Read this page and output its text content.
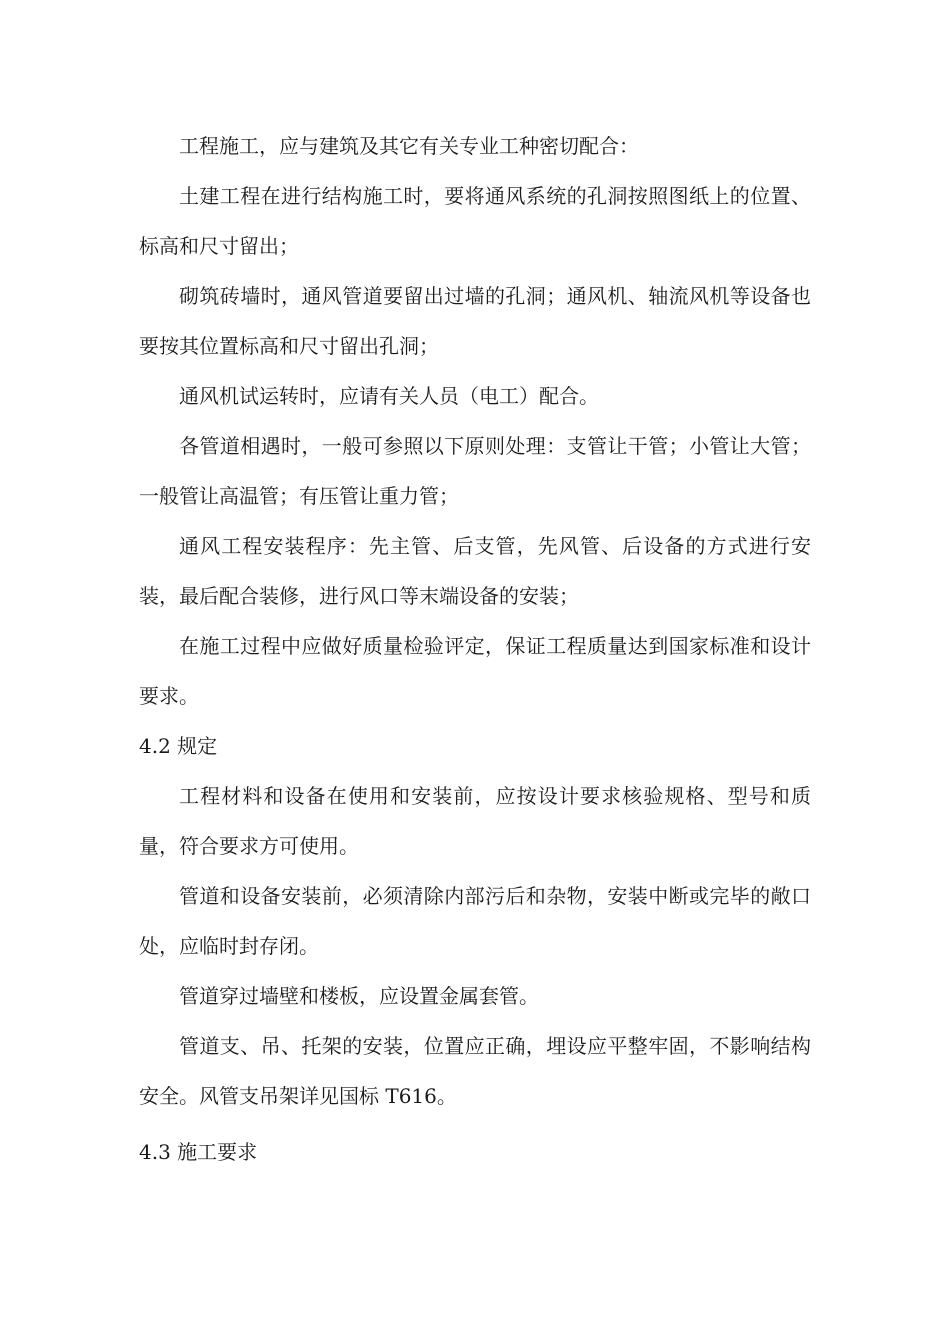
工程施工，应与建筑及其它有关专业工种密切配合：

土建工程在进行结构施工时，要将通风系统的孔洞按照图纸上的位置、标高和尺寸留出；

砌筑砖墙时，通风管道要留出过墙的孔洞；通风机、轴流风机等设备也要按其位置标高和尺寸留出孔洞；

通风机试运转时，应请有关人员（电工）配合。

各管道相遇时，一般可参照以下原则处理：支管让干管；小管让大管；一般管让高温管；有压管让重力管；

通风工程安装程序：先主管、后支管，先风管、后设备的方式进行安装，最后配合装修，进行风口等末端设备的安装；

在施工过程中应做好质量检验评定，保证工程质量达到国家标准和设计要求。

4.2 规定

工程材料和设备在使用和安装前，应按设计要求核验规格、型号和质量，符合要求方可使用。

管道和设备安装前，必须清除内部污后和杂物，安装中断或完毕的敞口处，应临时封存闭。

管道穿过墙壁和楼板，应设置金属套管。

管道支、吊、托架的安装，位置应正确，埋设应平整牢固，不影响结构安全。风管支吊架详见国标 T616。

4.3 施工要求
